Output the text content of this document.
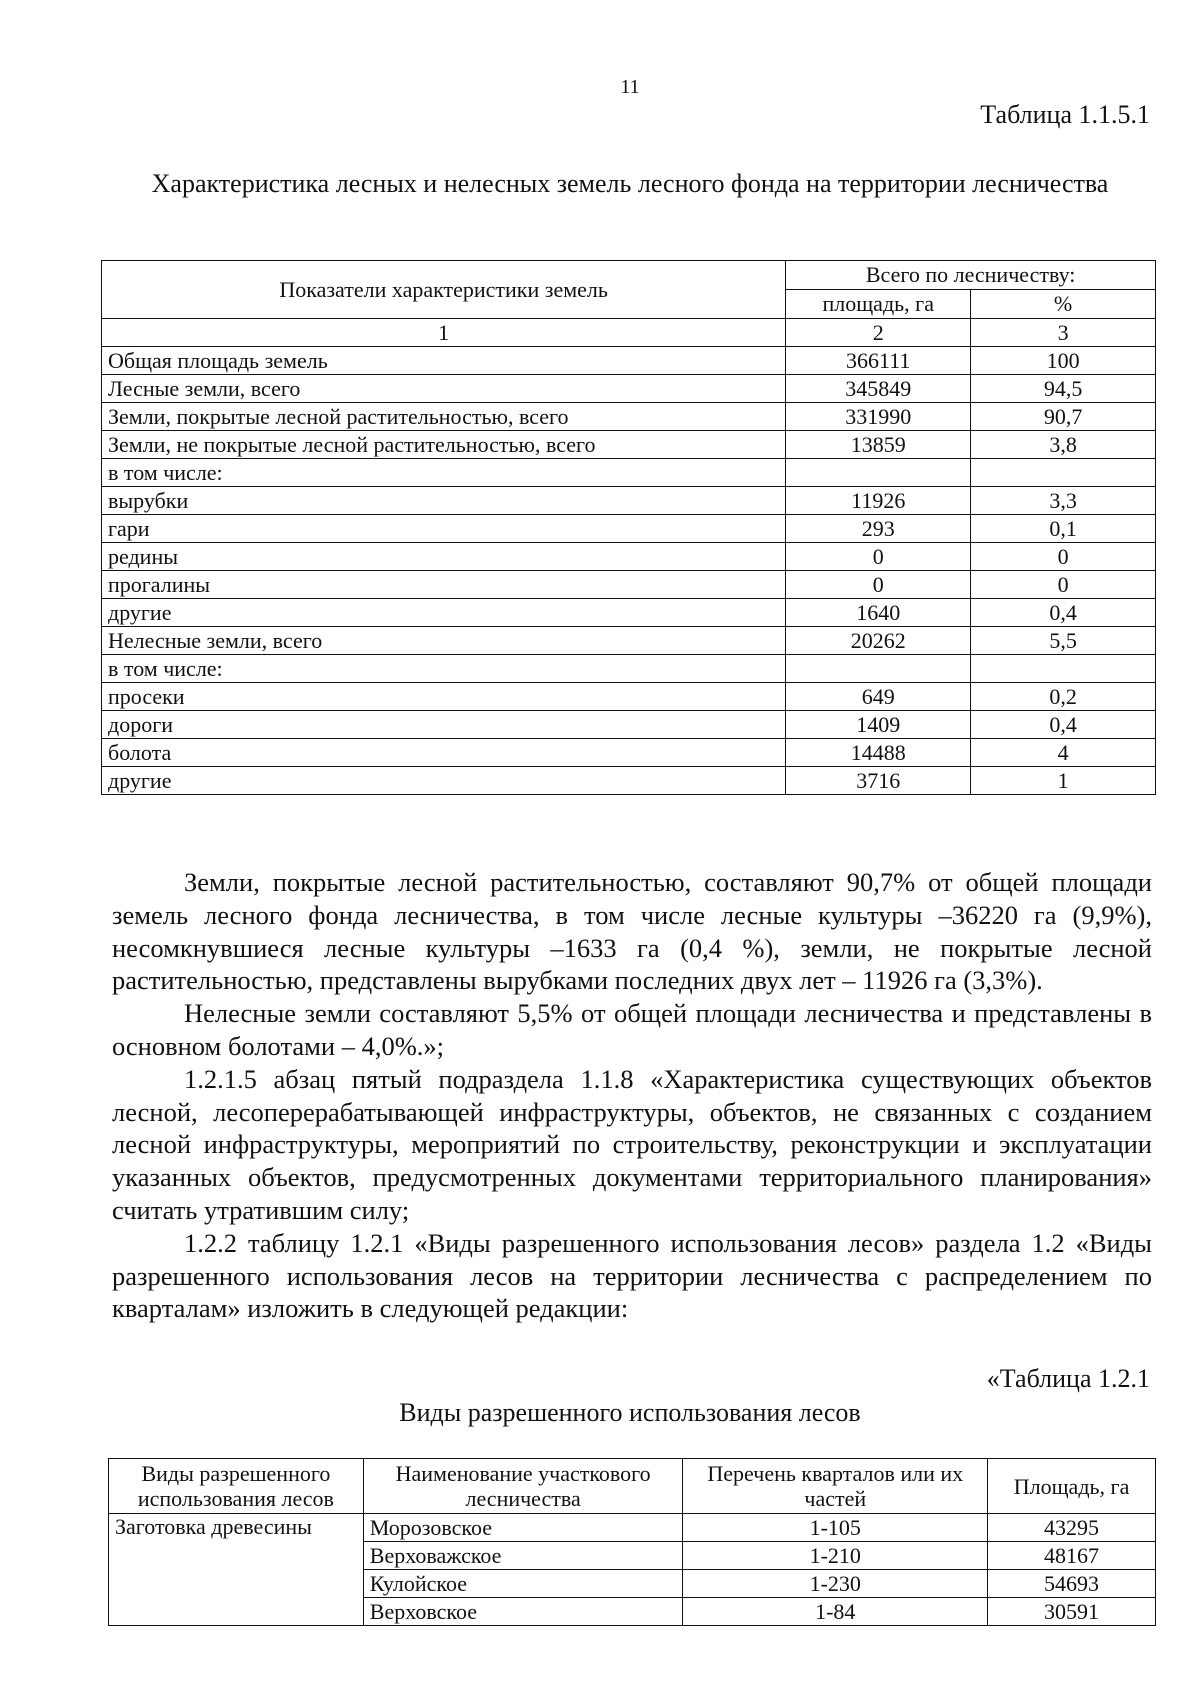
11
Таблица 1.1.5.1
Характеристика лесных и нелесных земель лесного фонда на территории лесничества
Показатели характеристики земель	Всего по лесничеству:	
	площадь, га	%
1	2	3
Общая площадь земель	366111	100
Лесные земли, всего	345849	94,5
Земли, покрытые лесной растительностью, всего	331990	90,7
Земли, не покрытые лесной растительностью, всего	13859	3,8
в том числе:		
вырубки	11926	3,3
гари	293	0,1
редины	0	0
прогалины	0	0
другие	1640	0,4
Нелесные земли, всего	20262	5,5
в том числе:		
просеки	649	0,2
дороги	1409	0,4
болота	14488	4
другие	3716	1

Земли, покрытые лесной растительностью, составляют 90,7% от общей площади земель лесного фонда лесничества, в том числе лесные культуры –36220 га (9,9%), несомкнувшиеся лесные культуры –1633 га (0,4 %), земли, не покрытые лесной растительностью, представлены вырубками последних двух лет – 11926 га (3,3%).

Нелесные земли составляют 5,5% от общей площади лесничества и представлены в основном болотами – 4,0%.»;

1.2.1.5 абзац пятый подраздела 1.1.8 «Характеристика существующих объектов лесной, лесоперерабатывающей инфраструктуры, объектов, не связанных с созданием лесной инфраструктуры, мероприятий по строительству, реконструкции и эксплуатации указанных объектов, предусмотренных документами территориального планирования» считать утратившим силу;

1.2.2 таблицу 1.2.1 «Виды разрешенного использования лесов» раздела 1.2 «Виды разрешенного использования лесов на территории лесничества с распределением по кварталам» изложить в следующей редакции:

«Таблица 1.2.1
Виды разрешенного использования лесов
Виды разрешенного использования лесов	Наименование участкового лесничества	Перечень кварталов или их частей	Площадь, га
Заготовка древесины	Морозовское	1-105	43295
	Верховажское	1-210	48167
	Кулойское	1-230	54693
	Верховское	1-84	30591
